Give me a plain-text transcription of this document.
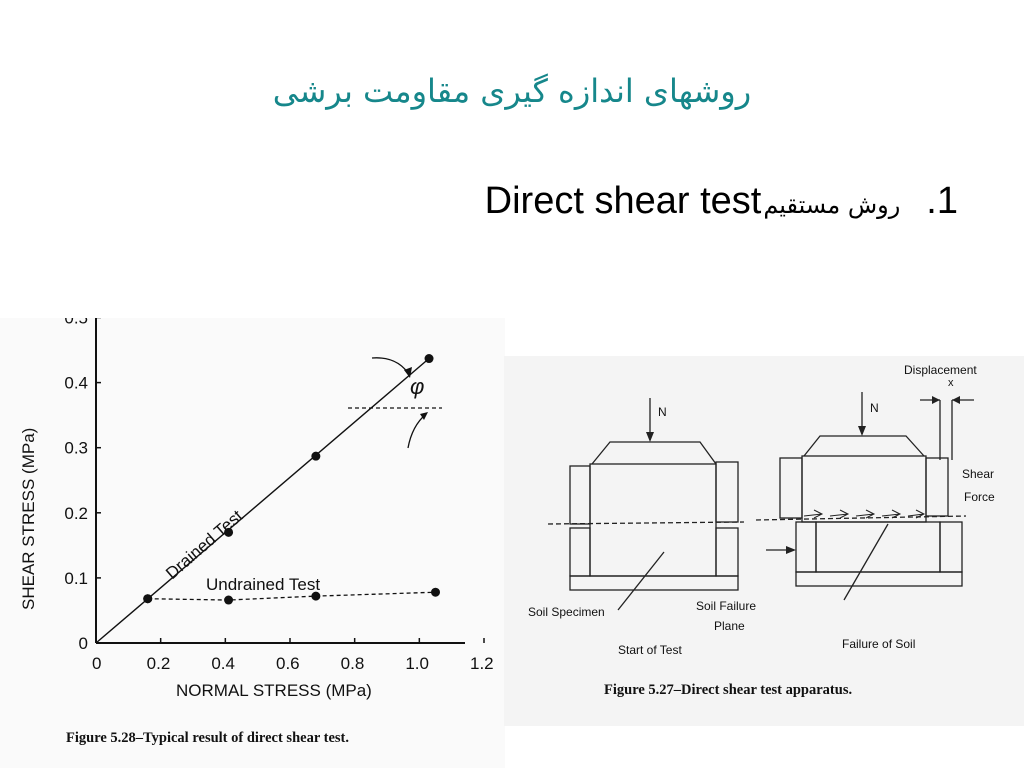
روشهای اندازه گیری مقاومت برشی
1.روش مستقیمDirect shear test
0	0.2 0.4 0.6 0.8 1.0 1.2
0
0.1
0.2
0.3
0.4
0.5
Drained Test
Undrained Test
φ
NORMAL STRESS (MPa)
SHEAR STRESS (MPa)
Figure 5.28–Typical result of direct shear test.
N	N
Displacement
x
Shear
Force
Soil Specimen	Soil Failure
Plane
Start of Test	Failure of Soil
Figure 5.27–Direct shear test apparatus.
